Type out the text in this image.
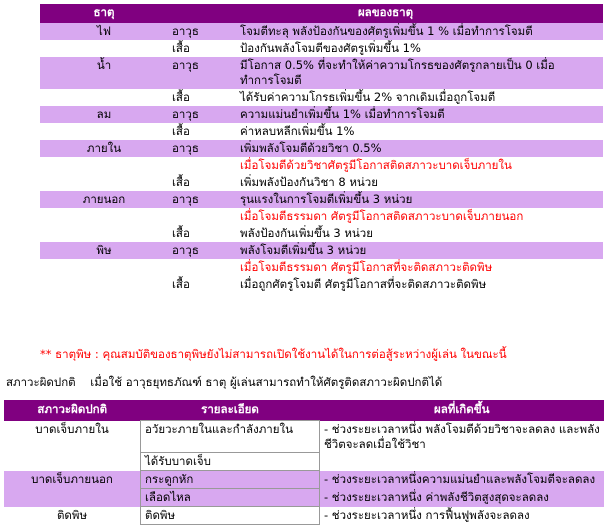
ธาตุ	ผลของธาตุ	
ไฟ	อาวุธ	โจมตีทะลุ พลังป้องกันของศัตรูเพิ่มขึ้น 1 % เมื่อทำการโจมตี
	เสื้อ	ป้องกันพลังโจมตีของศัตรูเพิ่มขึ้น 1%
น้ำ	อาวุธ	มีโอกาส 0.5% ที่จะทำให้ค่าความโกรธของศัตรูกลายเป็น 0 เมื่อทำการโจมตี
	เสื้อ	ได้รับค่าความโกรธเพิ่มขึ้น 2% จากเดิมเมื่อถูกโจมตี
ลม	อาวุธ	ความแม่นยำเพิ่มขึ้น 1% เมื่อทำการโจมตี
	เสื้อ	ค่าหลบหลีกเพิ่มขึ้น 1%
ภายใน	อาวุธ	เพิ่มพลังโจมตีด้วยวิชา 0.5%
		เมื่อโจมตีด้วยวิชาศัตรูมีโอกาสติดสภาวะบาดเจ็บภายใน
	เสื้อ	เพิ่มพลังป้องกันวิชา 8 หน่วย
ภายนอก	อาวุธ	รุนแรงในการโจมตีเพิ่มขึ้น 3 หน่วย
		เมื่อโจมตีธรรมดา ศัตรูมีโอกาสติดสภาวะบาดเจ็บภายนอก
	เสื้อ	พลังป้องกันเพิ่มขึ้น 3 หน่วย
พิษ	อาวุธ	พลังโจมตีเพิ่มขึ้น 3 หน่วย
		เมื่อโจมตีธรรมดา ศัตรูมีโอกาสที่จะติดสภาวะติดพิษ
	เสื้อ	เมื่อถูกศัตรูโจมตี ศัตรูมีโอกาสที่จะติดสภาวะติดพิษ
** ธาตุพิษ : คุณสมบัติของธาตุพิษยังไม่สามารถเปิดใช้งานได้ในการต่อสู้ระหว่างผู้เล่น ในขณะนี้
สภาวะผิดปกติ เมื่อใช้ อาวุธยุทธภัณฑ์ ธาตุ ผู้เล่นสามารถทำให้ศัตรูติดสภาวะผิดปกติได้
สภาวะผิดปกติ	รายละเอียด	ผลที่เกิดขึ้น
บาดเจ็บภายใน	อวัยวะภายในและกำลังภายใน	- ช่วงระยะเวลาหนึ่ง พลังโจมตีด้วยวิชาจะลดลง และพลังชีวิตจะลดเมื่อใช้วิชา
	ได้รับบาดเจ็บ	
บาดเจ็บภายนอก	กระดูกหัก	- ช่วงระยะเวลาหนึ่งความแม่นยำและพลังโจมตีจะลดลง
	เลือดไหล	- ช่วงระยะเวลาหนึ่ง ค่าพลังชีวิตสูงสุดจะลดลง
ติดพิษ	ติดพิษ	- ช่วงระยะเวลาหนึ่ง การฟื้นฟูพลังจะลดลง
